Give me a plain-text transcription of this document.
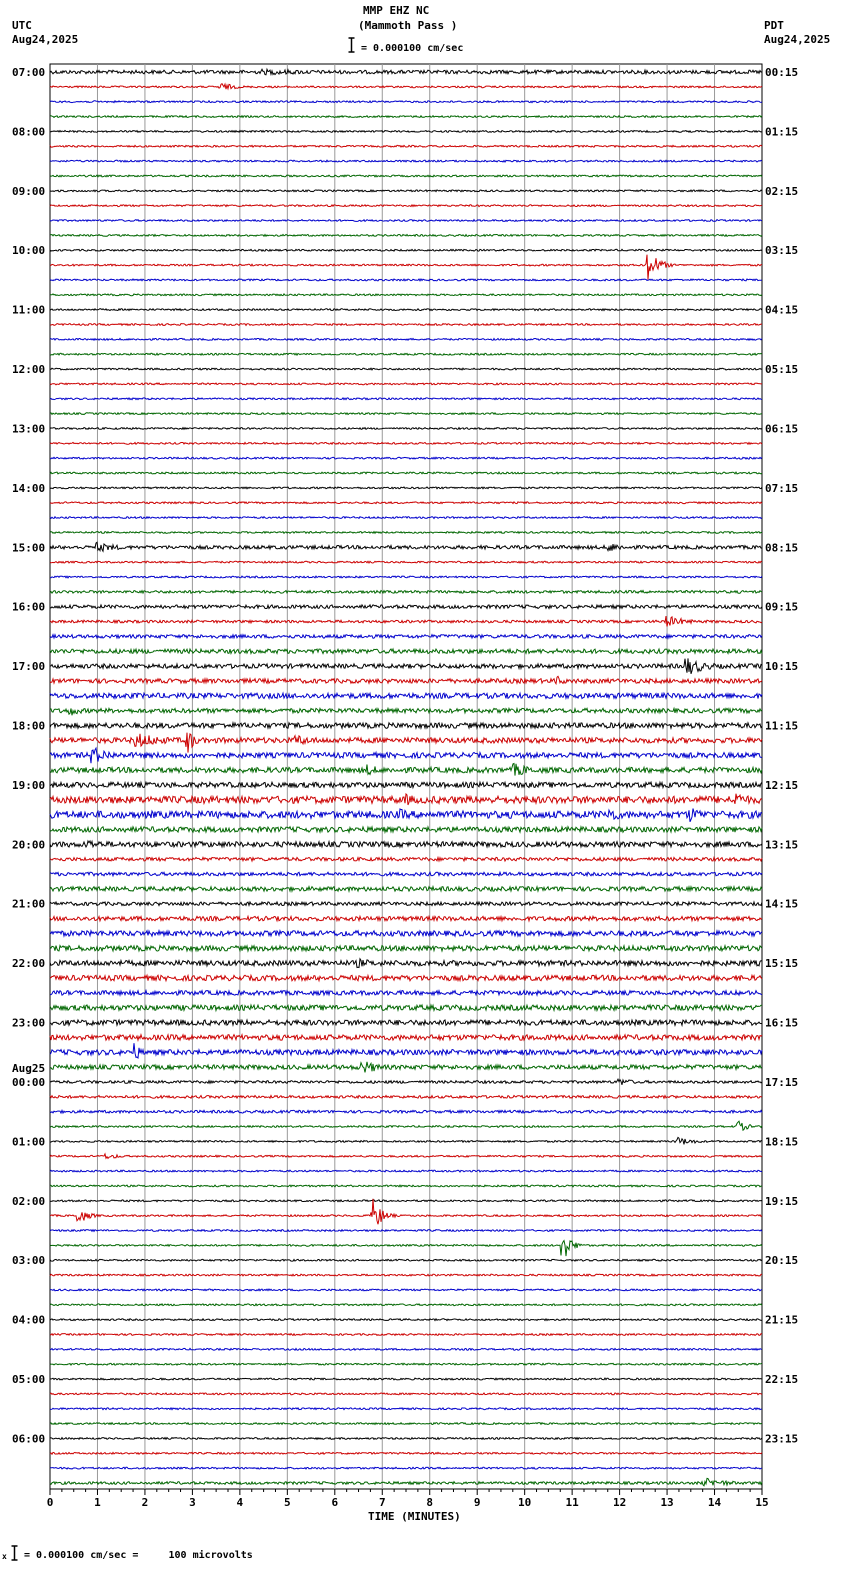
MMP EHZ NC
(Mammoth Pass )
= 0.000100 cm/sec
UTC
Aug24,2025
PDT
Aug24,2025
0	1	2	3	4	5	6	7	8	9	10	11	12	13	14	15
07:00
08:00
09:00
10:00
11:00
12:00
13:00
14:00
15:00
16:00
17:00
18:00
19:00
20:00
21:00
22:00
23:00
00:00
01:00
02:00
03:00
04:00
05:00
06:00
Aug25
00:15
01:15
02:15
03:15
04:15
05:15
06:15
07:15
08:15
09:15
10:15
11:15
12:15
13:15
14:15
15:15
16:15
17:15
18:15
19:15
20:15
21:15
22:15
23:15
TIME (MINUTES)
x = 0.000100 cm/sec =     100 microvolts
